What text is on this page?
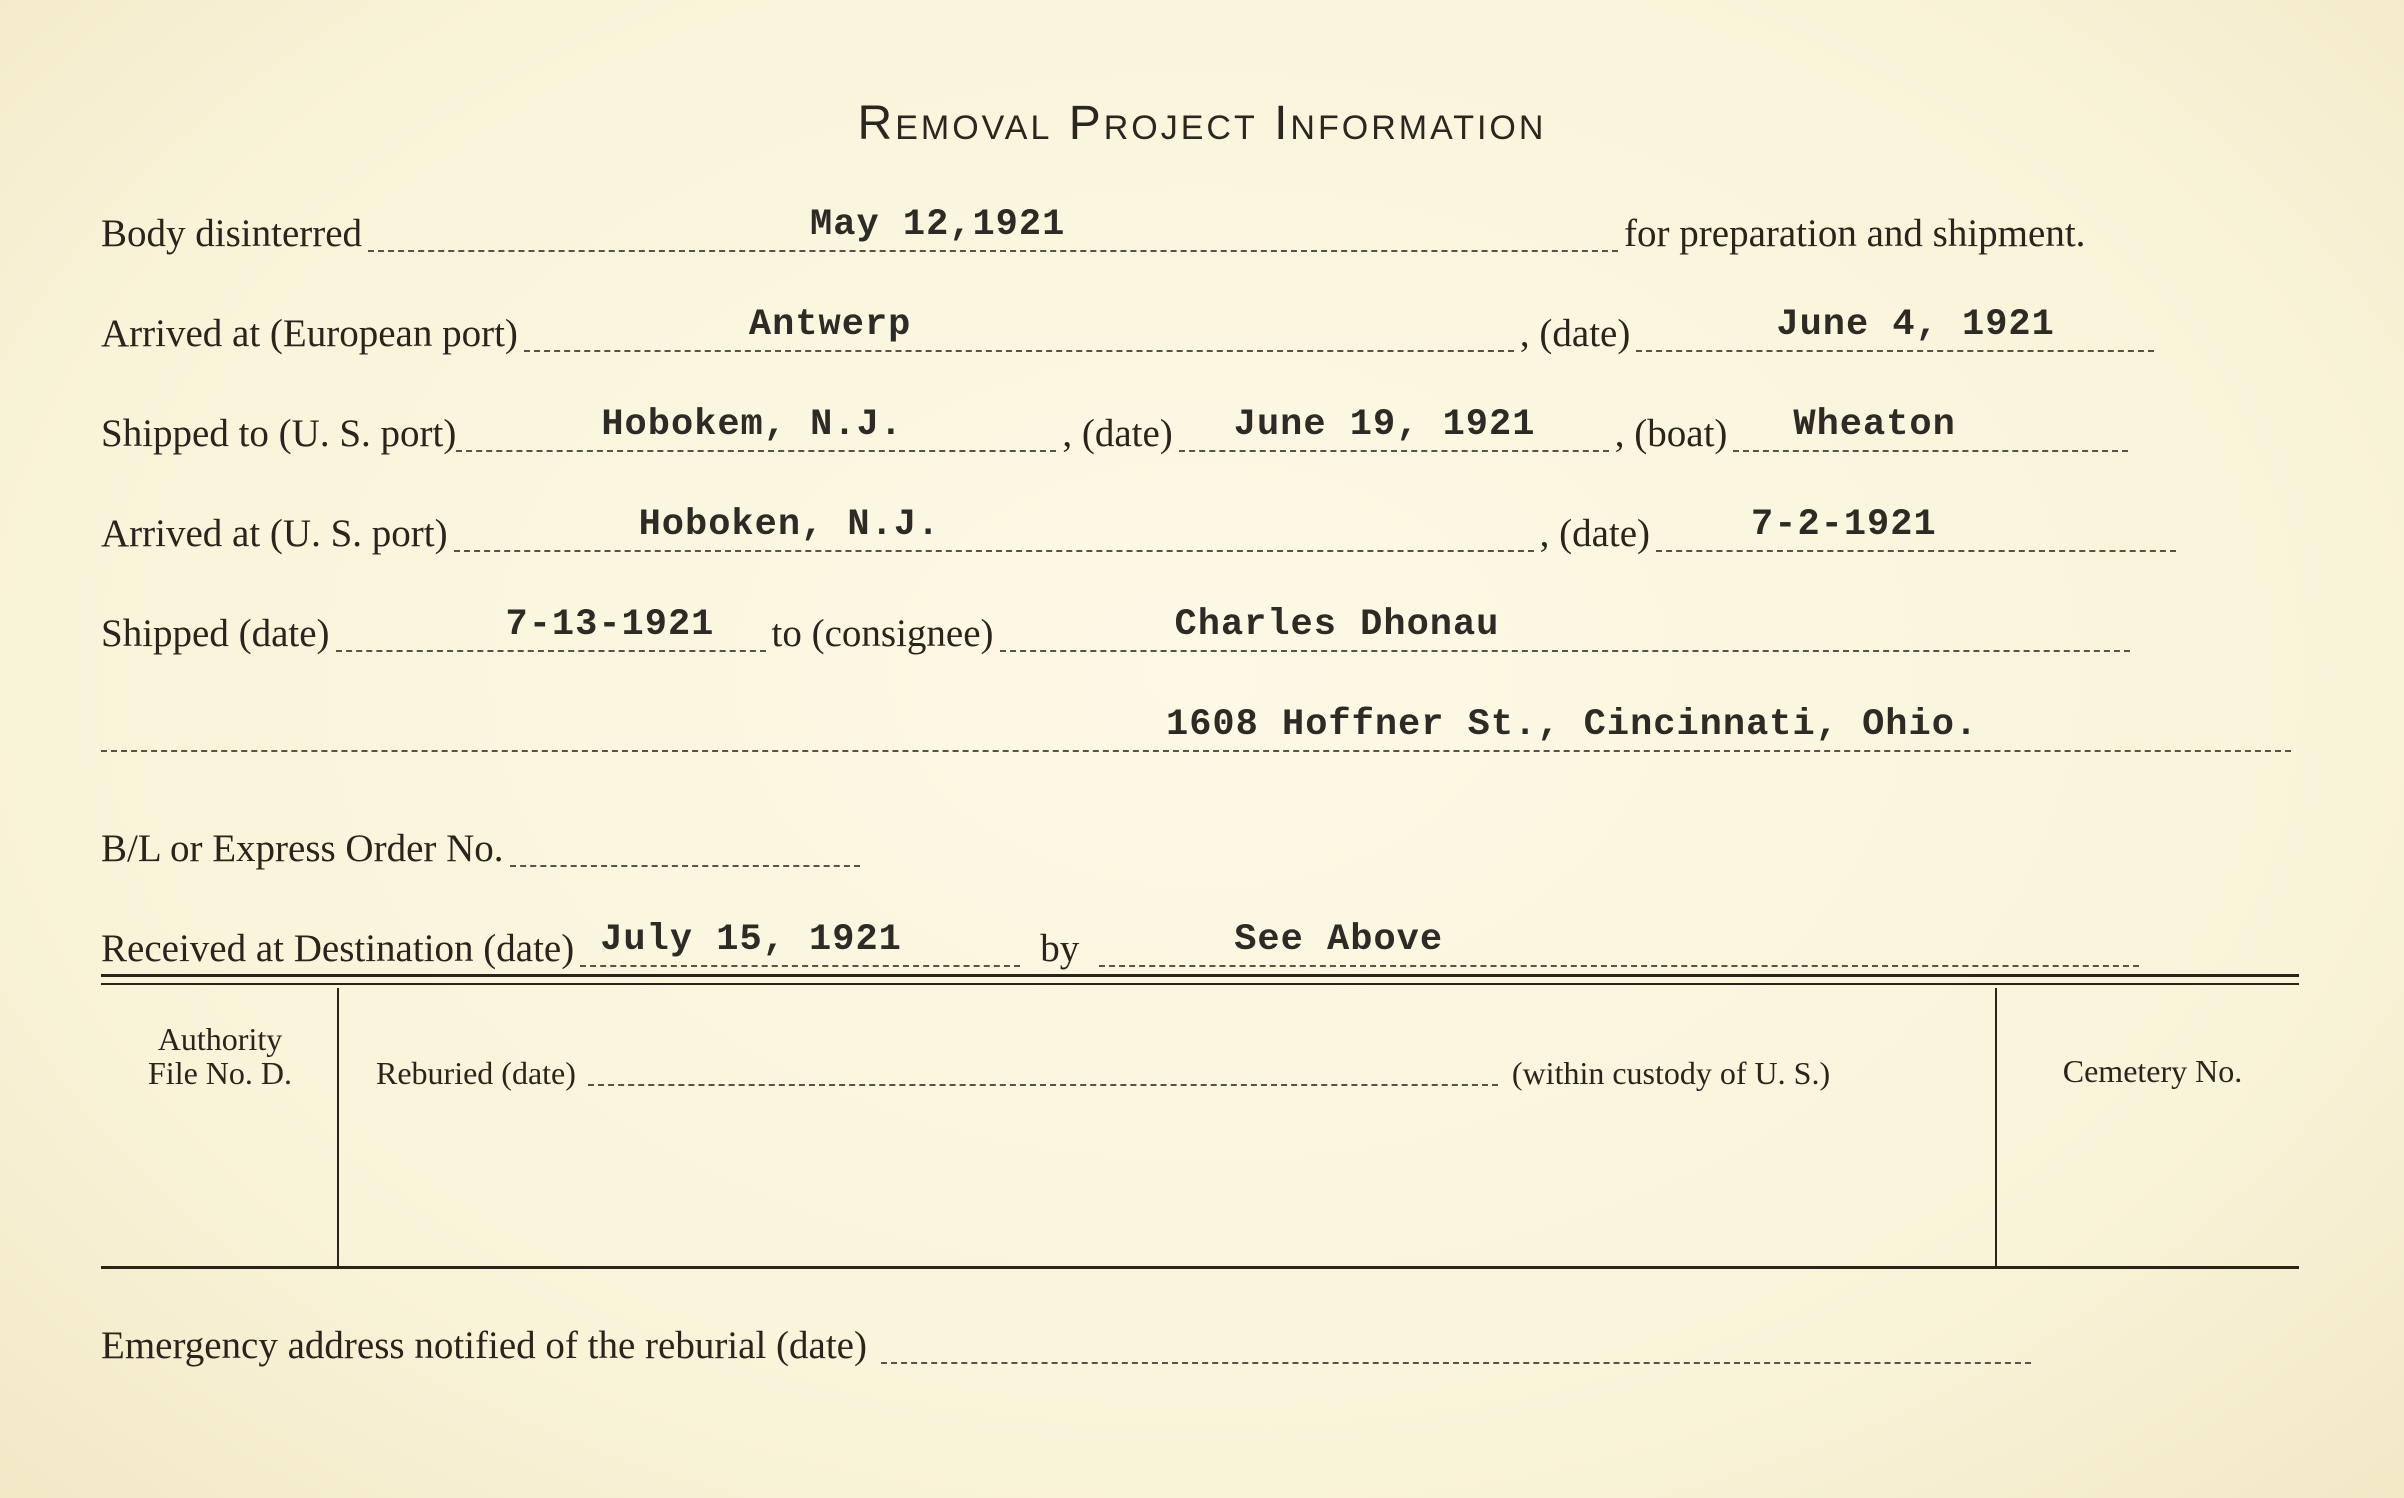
Removal Project Information
Body disinterred	May 12,1921	for preparation and shipment.
Arrived at (European port)	Antwerp	, (date)	June 4, 1921
Shipped to (U. S. port)	Hobokem, N.J.	, (date) June 19, 1921 , (boat) Wheaton
Arrived at (U. S. port)	Hoboken, N.J.	, (date)	7-2-1921
Shipped (date)	7-13-1921 to (consignee)	Charles Dhonau
1608 Hoffner St., Cincinnati, Ohio.
B/L or Express Order No.
Received at Destination (date) July 15, 1921	by	See Above
Authority
File No. D.	Reburied (date)	(within custody of U. S.)	Cemetery No.
Emergency address notified of the reburial (date)
